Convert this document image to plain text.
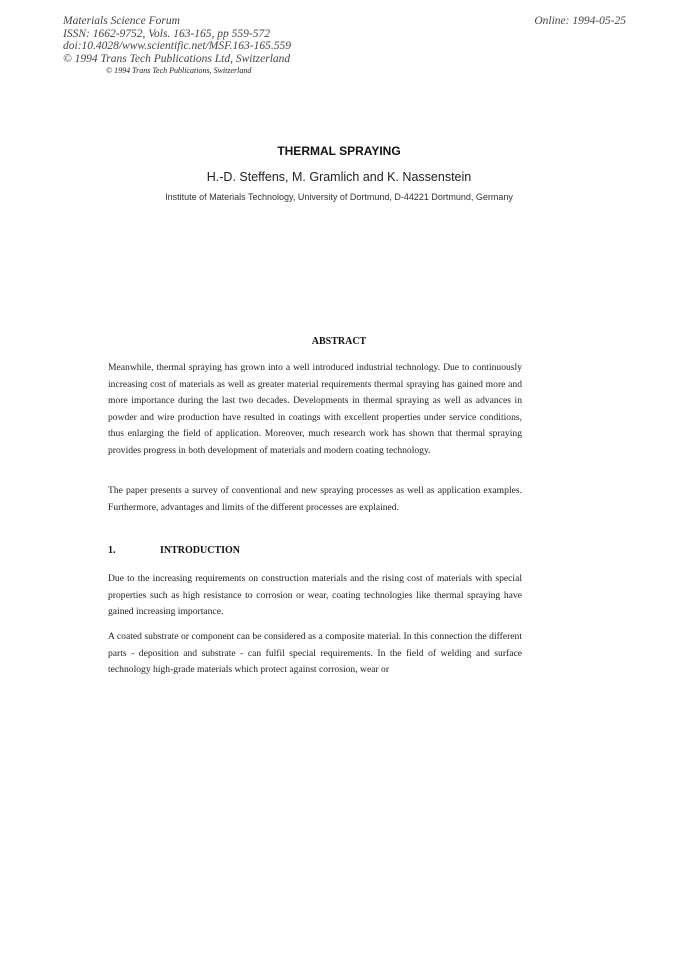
Materials Science Forum
ISSN: 1662-9752, Vols. 163-165, pp 559-572
doi:10.4028/www.scientific.net/MSF.163-165.559
© 1994 Trans Tech Publications Ltd, Switzerland
Online: 1994-05-25
© 1994 Trans Tech Publications, Switzerland
THERMAL SPRAYING
H.-D. Steffens, M. Gramlich and K. Nassenstein
Institute of Materials Technology, University of Dortmund, D-44221 Dortmund, Germany
ABSTRACT
Meanwhile, thermal spraying has grown into a well introduced industrial technology. Due to continuously increasing cost of materials as well as greater material requirements thermal spraying has gained more and more importance during the last two decades. Developments in thermal spraying as well as advances in powder and wire production have resulted in coatings with excellent properties under service conditions, thus enlarging the field of application. Moreover, much research work has shown that thermal spraying provides progress in both development of materials and modern coating technology.
The paper presents a survey of conventional and new spraying processes as well as application examples. Furthermore, advantages and limits of the different processes are explained.
1.	INTRODUCTION
Due to the increasing requirements on construction materials and the rising cost of materials with special properties such as high resistance to corrosion or wear, coating technologies like thermal spraying have gained increasing importance.
A coated substrate or component can be considered as a composite material. In this connection the different parts - deposition and substrate - can fulfil special requirements. In the field of welding and surface technology high-grade materials which protect against corrosion, wear or
